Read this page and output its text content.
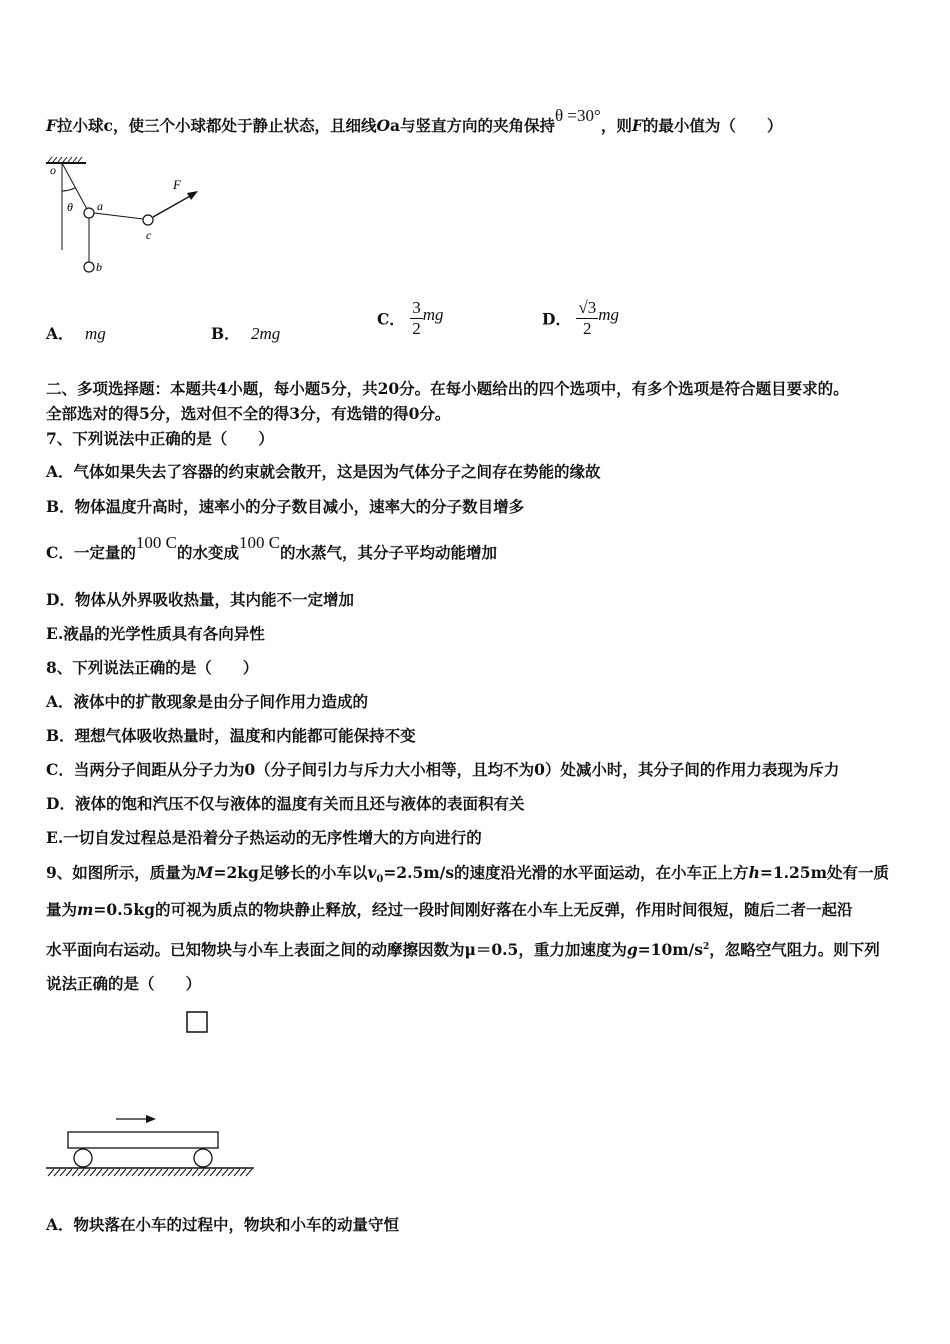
F拉小球c，使三个小球都处于静止状态，且细线Oa与竖直方向的夹角保持θ =30°，则F的最小值为（　　）
o
θ a
b
c
F
A． mg	B． 2mg
C． $\frac{3}{2}$ mg	D． $\frac{√3}{2}$ mg
二、多项选择题：本题共4小题，每小题5分，共20分。在每小题给出的四个选项中，有多个选项是符合题目要求的。
全部选对的得5分，选对但不全的得3分，有选错的得0分。
7、下列说法中正确的是（　　）
A．气体如果失去了容器的约束就会散开，这是因为气体分子之间存在势能的缘故
B．物体温度升高时，速率小的分子数目减小，速率大的分子数目增多
C．一定量的100 C的水变成100 C的水蒸气，其分子平均动能增加
D．物体从外界吸收热量，其内能不一定增加
E.液晶的光学性质具有各向异性
8、下列说法正确的是（　　）
A．液体中的扩散现象是由分子间作用力造成的
B．理想气体吸收热量时，温度和内能都可能保持不变
C．当两分子间距从分子力为0（分子间引力与斥力大小相等，且均不为0）处减小时，其分子间的作用力表现为斥力
D．液体的饱和汽压不仅与液体的温度有关而且还与液体的表面积有关
E.一切自发过程总是沿着分子热运动的无序性增大的方向进行的
9、如图所示，质量为M=2kg足够长的小车以$v_0=2.5m/s$的速度沿光滑的水平面运动，在小车正上方h=1.25m处有一质
量为m=0.5kg的可视为质点的物块静止释放，经过一段时间刚好落在小车上无反弹，作用时间很短，随后二者一起沿
水平面向右运动。已知物块与小车上表面之间的动摩擦因数为μ＝0.5，重力加速度为$g=10m/s^2$，忽略空气阻力。则下列
说法正确的是（　　）
A．物块落在小车的过程中，物块和小车的动量守恒
